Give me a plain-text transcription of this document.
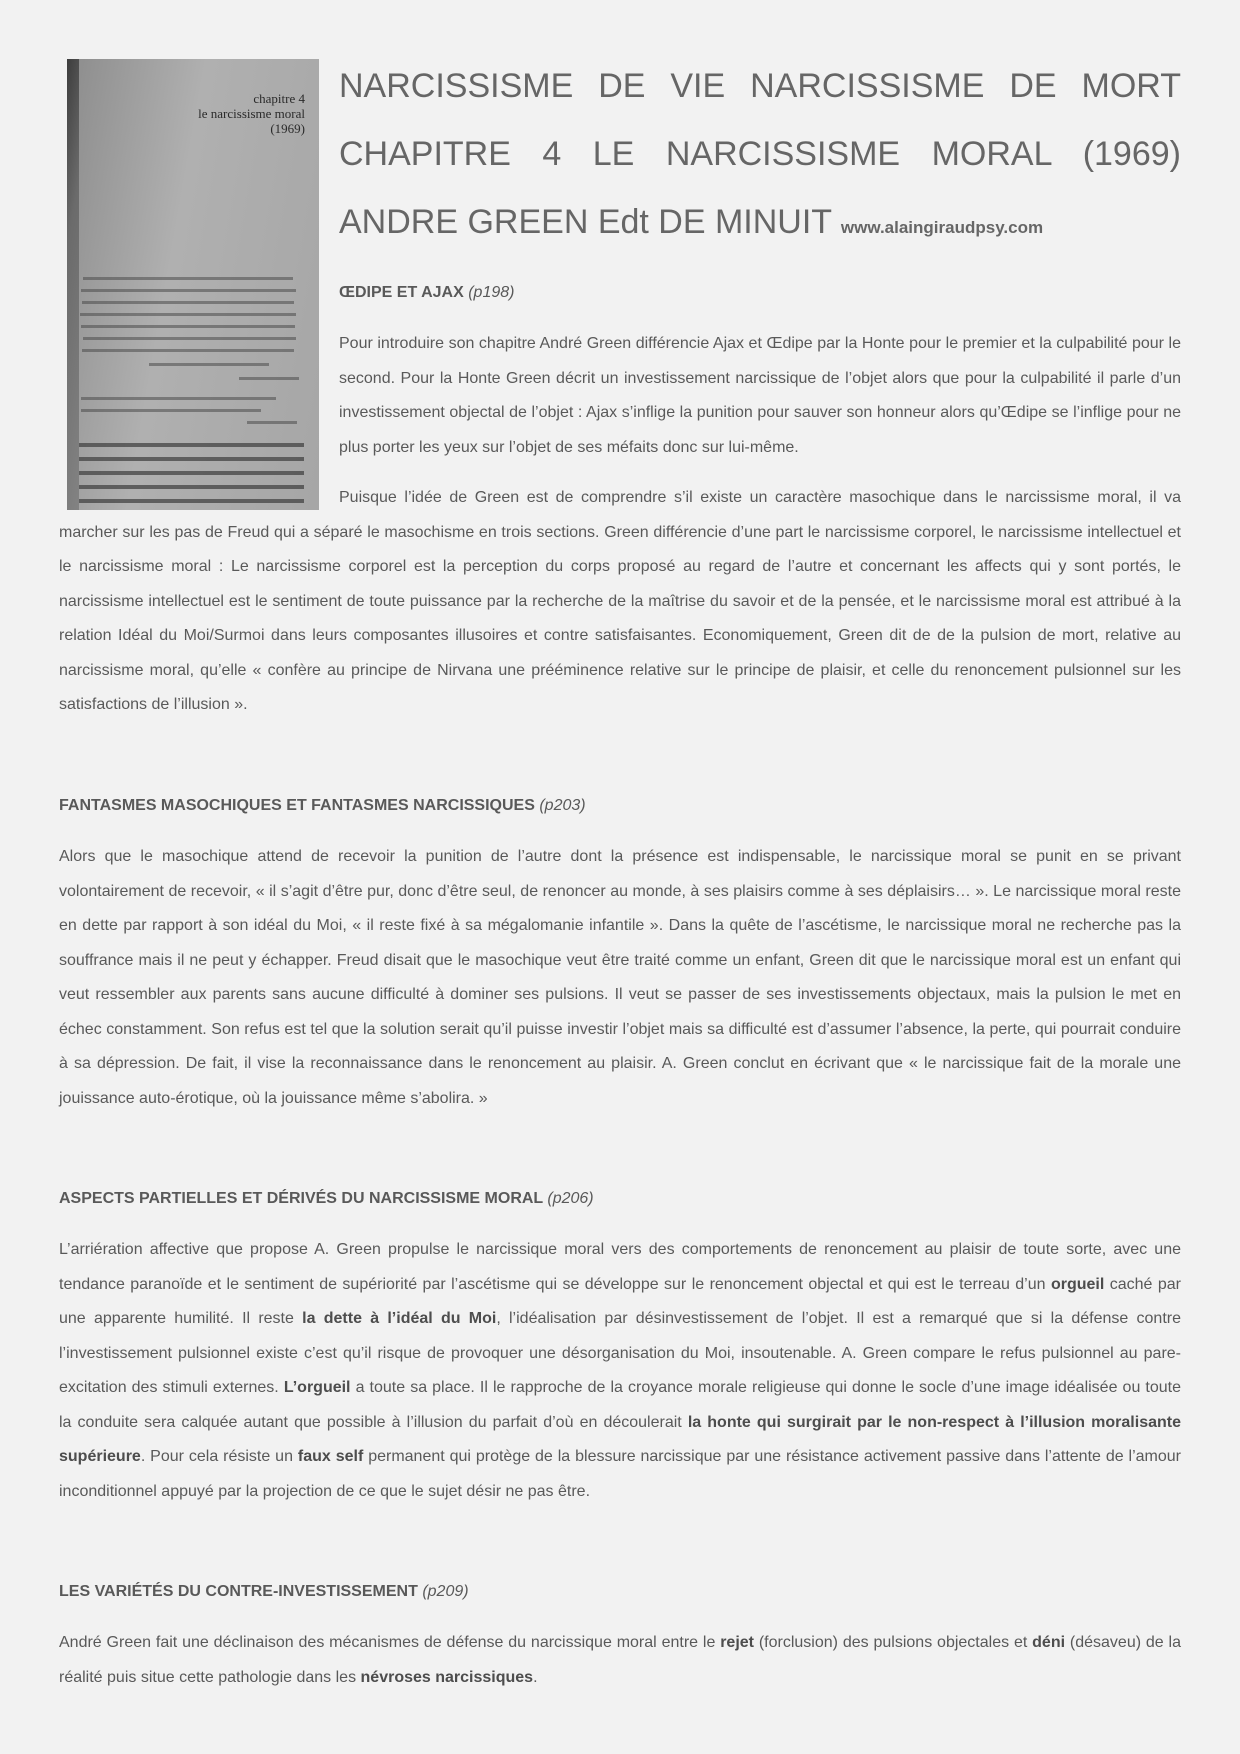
chapitre 4
le narcissisme moral
(1969)
NARCISSISME DE VIE NARCISSISME DE MORT CHAPITRE 4 LE NARCISSISME MORAL (1969) ANDRE GREEN Edt DE MINUIT www.alaingiraudpsy.com
ŒDIPE ET AJAX (p198)
Pour introduire son chapitre André Green différencie Ajax et Œdipe par la Honte pour le premier et la culpabilité pour le second. Pour la Honte Green décrit un investissement narcissique de l’objet alors que pour la culpabilité il parle d’un investissement objectal de l’objet : Ajax s’inflige la punition pour sauver son honneur alors qu’Œdipe se l’inflige pour ne plus porter les yeux sur l’objet de ses méfaits donc sur lui-même.
Puisque l’idée de Green est de comprendre s’il existe un caractère masochique dans le narcissisme moral, il va marcher sur les pas de Freud qui a séparé le masochisme en trois sections. Green différencie d’une part le narcissisme corporel, le narcissisme intellectuel et le narcissisme moral : Le narcissisme corporel est la perception du corps proposé au regard de l’autre et concernant les affects qui y sont portés, le narcissisme intellectuel est le sentiment de toute puissance par la recherche de la maîtrise du savoir et de la pensée, et le narcissisme moral est attribué à la relation Idéal du Moi/Surmoi dans leurs composantes illusoires et contre satisfaisantes. Economiquement, Green dit de de la pulsion de mort, relative au narcissisme moral, qu’elle « confère au principe de Nirvana une prééminence relative sur le principe de plaisir, et celle du renoncement pulsionnel sur les satisfactions de l’illusion ».
FANTASMES MASOCHIQUES ET FANTASMES NARCISSIQUES (p203)
Alors que le masochique attend de recevoir la punition de l’autre dont la présence est indispensable, le narcissique moral se punit en se privant volontairement de recevoir, « il s’agit d’être pur, donc d’être seul, de renoncer au monde, à ses plaisirs comme à ses déplaisirs… ». Le narcissique moral reste en dette par rapport à son idéal du Moi, « il reste fixé à sa mégalomanie infantile ». Dans la quête de l’ascétisme, le narcissique moral ne recherche pas la souffrance mais il ne peut y échapper. Freud disait que le masochique veut être traité comme un enfant, Green dit que le narcissique moral est un enfant qui veut ressembler aux parents sans aucune difficulté à dominer ses pulsions. Il veut se passer de ses investissements objectaux, mais la pulsion le met en échec constamment. Son refus est tel que la solution serait qu’il puisse investir l’objet mais sa difficulté est d’assumer l’absence, la perte, qui pourrait conduire à sa dépression. De fait, il vise la reconnaissance dans le renoncement au plaisir. A. Green conclut en écrivant que « le narcissique fait de la morale une jouissance auto-érotique, où la jouissance même s’abolira. »
ASPECTS PARTIELLES ET DÉRIVÉS DU NARCISSISME MORAL (p206)
L’arriération affective que propose A. Green propulse le narcissique moral vers des comportements de renoncement au plaisir de toute sorte, avec une tendance paranoïde et le sentiment de supériorité par l’ascétisme qui se développe sur le renoncement objectal et qui est le terreau d’un orgueil caché par une apparente humilité. Il reste la dette à l’idéal du Moi, l’idéalisation par désinvestissement de l’objet. Il est a remarqué que si la défense contre l’investissement pulsionnel existe c’est qu’il risque de provoquer une désorganisation du Moi, insoutenable. A. Green compare le refus pulsionnel au pare-excitation des stimuli externes. L’orgueil a toute sa place. Il le rapproche de la croyance morale religieuse qui donne le socle d’une image idéalisée ou toute la conduite sera calquée autant que possible à l’illusion du parfait d’où en découlerait la honte qui surgirait par le non-respect à l’illusion moralisante supérieure. Pour cela résiste un faux self permanent qui protège de la blessure narcissique par une résistance activement passive dans l’attente de l’amour inconditionnel appuyé par la projection de ce que le sujet désir ne pas être.
LES VARIÉTÉS DU CONTRE-INVESTISSEMENT (p209)
André Green fait une déclinaison des mécanismes de défense du narcissique moral entre le rejet (forclusion) des pulsions objectales et déni (désaveu) de la réalité puis situe cette pathologie dans les névroses narcissiques.
